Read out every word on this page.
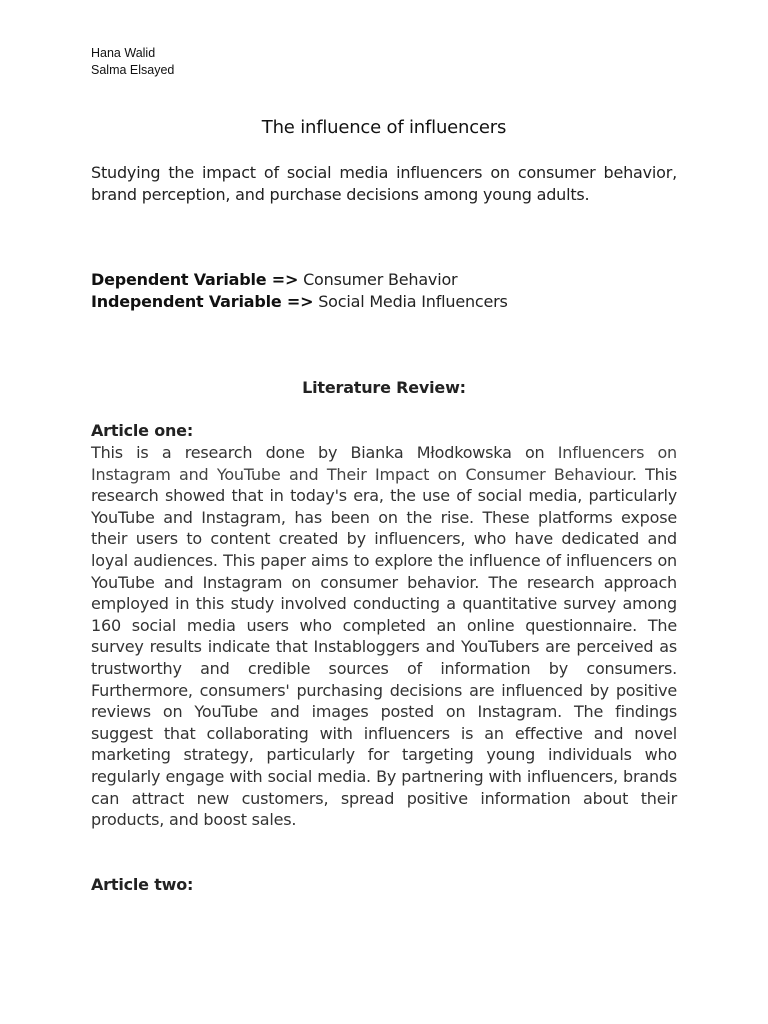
Hana Walid
Salma Elsayed
The influence of influencers
Studying the impact of social media influencers on consumer behavior, brand perception, and purchase decisions among young adults.
Dependent Variable => Consumer Behavior
Independent Variable => Social Media Influencers
Literature Review:
Article one:
This is a research done by Bianka Młodkowska on Influencers on Instagram and YouTube and Their Impact on Consumer Behaviour. This research showed that in today's era, the use of social media, particularly YouTube and Instagram, has been on the rise. These platforms expose their users to content created by influencers, who have dedicated and loyal audiences. This paper aims to explore the influence of influencers on YouTube and Instagram on consumer behavior. The research approach employed in this study involved conducting a quantitative survey among 160 social media users who completed an online questionnaire. The survey results indicate that Instabloggers and YouTubers are perceived as trustworthy and credible sources of information by consumers. Furthermore, consumers' purchasing decisions are influenced by positive reviews on YouTube and images posted on Instagram. The findings suggest that collaborating with influencers is an effective and novel marketing strategy, particularly for targeting young individuals who regularly engage with social media. By partnering with influencers, brands can attract new customers, spread positive information about their products, and boost sales.
Article two:
